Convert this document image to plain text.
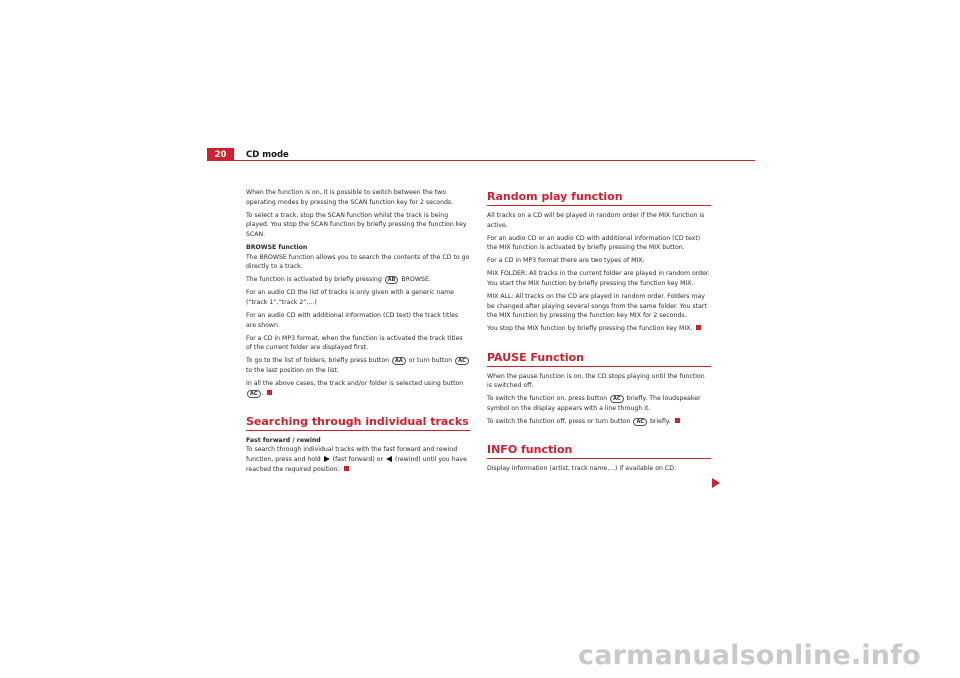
20	CD mode

When the function is on, it is possible to switch between the two operating modes by pressing the SCAN function key for 2 seconds.

To select a track, stop the SCAN function whilst the track is being played. You stop the SCAN function by briefly pressing the function key SCAN.

BROWSE function

The BROWSE function allows you to search the contents of the CD to go directly to a track.

The function is activated by briefly pressing AB BROWSE.

For an audio CD the list of tracks is only given with a generic name (“track 1”,“track 2”,...)

For an audio CD with additional information (CD text) the track titles are shown.

For a CD in MP3 format, when the function is activated the track titles of the current folder are displayed first.

To go to the list of folders, briefly press button AA or turn button AC to the last position on the list.

In all the above cases, the track and/or folder is selected using button AC .

Searching through individual tracks

Fast forward / rewind

To search through individual tracks with the fast forward and rewind function, press and hold (fast forward) or (rewind) until you have reached the required position.

Random play function

All tracks on a CD will be played in random order if the MIX function is active.

For an audio CD or an audio CD with additional information (CD text) the MIX function is activated by briefly pressing the MIX button.

For a CD in MP3 format there are two types of MIX:

MIX FOLDER: All tracks in the current folder are played in random order. You start the MIX function by briefly pressing the function key MIX.

MIX ALL: All tracks on the CD are played in random order. Folders may be changed after playing several songs from the same folder. You start the MIX function by pressing the function key MIX for 2 seconds.

You stop the MIX function by briefly pressing the function key MIX.

PAUSE Function

When the pause function is on, the CD stops playing until the function is switched off.

To switch the function on, press button AC briefly. The loudspeaker symbol on the display appears with a line through it.

To switch the function off, press or turn button AC briefly.

INFO function

Display information (artist, track name,...) if available on CD.

carmanualsonline.info
